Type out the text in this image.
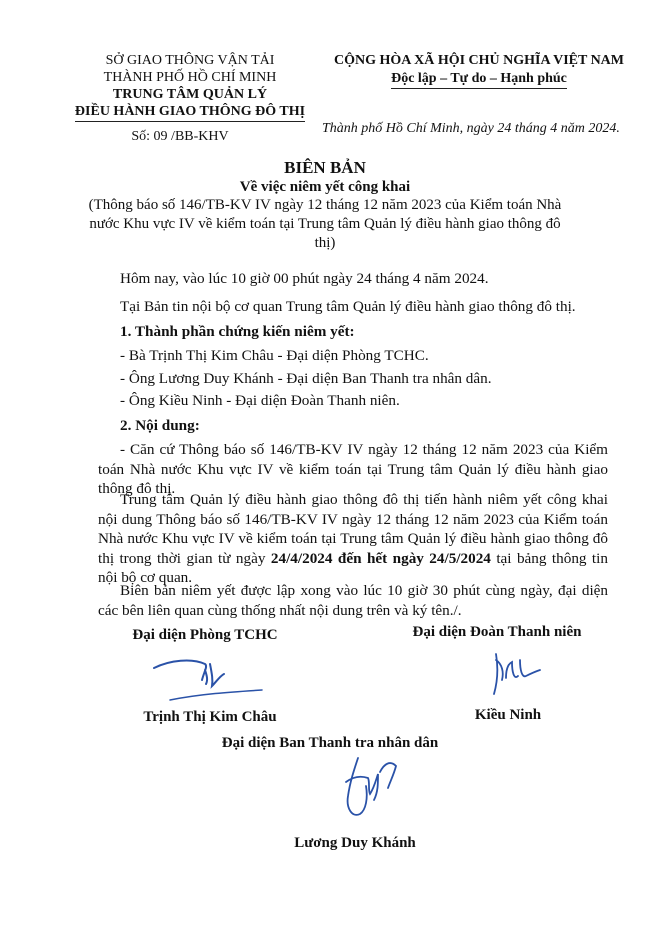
SỞ GIAO THÔNG VẬN TẢI
THÀNH PHỐ HỒ CHÍ MINH
TRUNG TÂM QUẢN LÝ
ĐIỀU HÀNH GIAO THÔNG ĐÔ THỊ
Số: 09 /BB-KHV
CỘNG HÒA XÃ HỘI CHỦ NGHĨA VIỆT NAM
Độc lập – Tự do – Hạnh phúc
Thành phố Hồ Chí Minh, ngày 24 tháng 4 năm 2024.
BIÊN BẢN
Về việc niêm yết công khai
(Thông báo số 146/TB-KV IV ngày 12 tháng 12 năm 2023 của Kiểm toán Nhà
nước Khu vực IV về kiểm toán tại Trung tâm Quản lý điều hành giao thông đô
thị)
Hôm nay, vào lúc 10 giờ 00 phút ngày 24 tháng 4 năm 2024.
Tại Bản tin nội bộ cơ quan Trung tâm Quản lý điều hành giao thông đô thị.
1. Thành phần chứng kiến niêm yết:
- Bà Trịnh Thị Kim Châu - Đại diện Phòng TCHC.
- Ông Lương Duy Khánh - Đại diện Ban Thanh tra nhân dân.
- Ông Kiều Ninh - Đại diện Đoàn Thanh niên.
2. Nội dung:
- Căn cứ Thông báo số 146/TB-KV IV ngày 12 tháng 12 năm 2023 của Kiểm toán Nhà nước Khu vực IV về kiểm toán tại Trung tâm Quản lý điều hành giao thông đô thị.
Trung tâm Quản lý điều hành giao thông đô thị tiến hành niêm yết công khai nội dung Thông báo số 146/TB-KV IV ngày 12 tháng 12 năm 2023 của Kiểm toán Nhà nước Khu vực IV về kiểm toán tại Trung tâm Quản lý điều hành giao thông đô thị trong thời gian từ ngày 24/4/2024 đến hết ngày 24/5/2024 tại bảng thông tin nội bộ cơ quan.
Biên bản niêm yết được lập xong vào lúc 10 giờ 30 phút cùng ngày, đại diện các bên liên quan cùng thống nhất nội dung trên và ký tên./.
Đại diện Phòng TCHC	Đại diện Đoàn Thanh niên
Trịnh Thị Kim Châu	Kiều Ninh
Đại diện Ban Thanh tra nhân dân
Lương Duy Khánh
